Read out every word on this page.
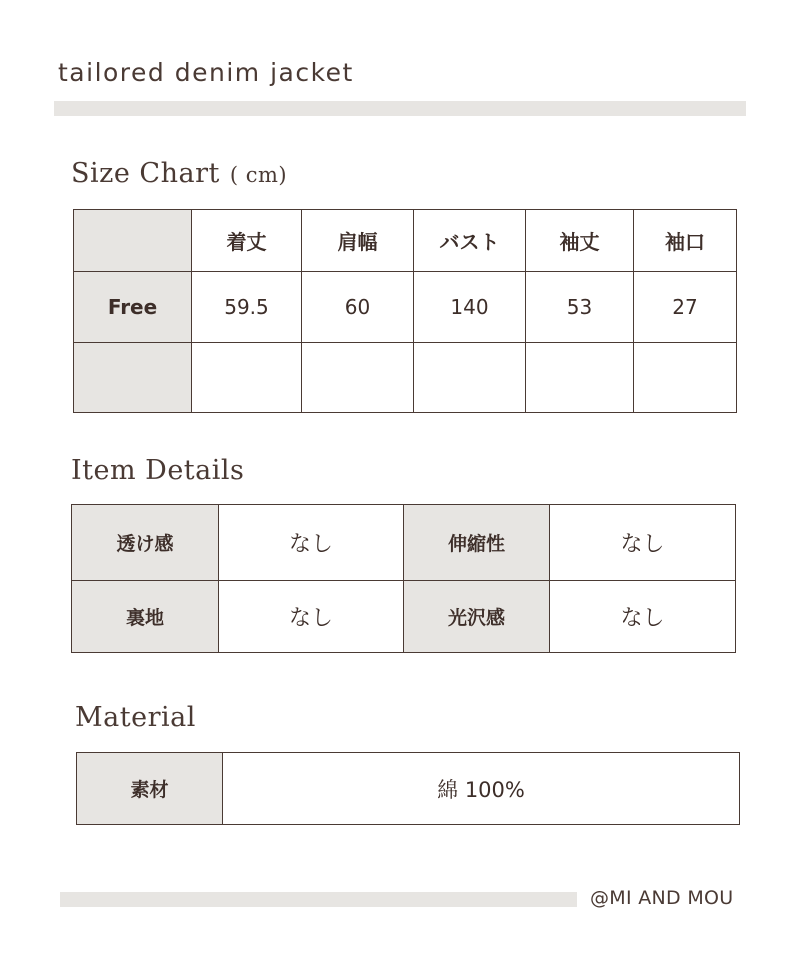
tailored denim jacket
Size Chart ( cm)
	着丈	肩幅	バスト	袖丈	袖口
Free	59.5	60	140	53	27

Item Details
透け感	なし	伸縮性	なし
裏地	なし	光沢感	なし
Material
素材	綿 100%
@MI AND MOU
